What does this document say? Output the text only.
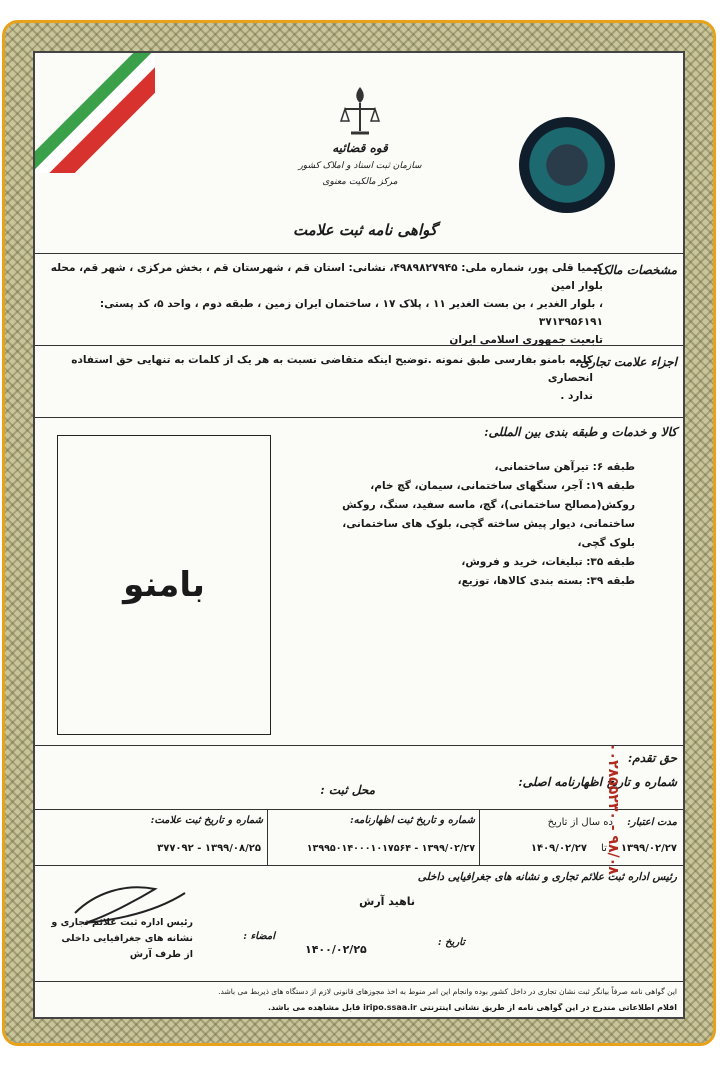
قوه قضائیه
سازمان ثبت اسناد و املاک کشور
مرکز مالکیت معنوی
گواهی نامه ثبت علامت
مشخصات مالک:
کیمیا قلی پور، شماره ملی: ۴۹۸۹۸۲۷۹۴۵، نشانی: استان قم ، شهرستان قم ، بخش مرکزی ، شهر قم، محله بلوار امین
، بلوار الغدیر ، بن بست الغدیر ۱۱ ، پلاک ۱۷ ، ساختمان ایران زمین ، طبقه دوم ، واحد ۵، کد پستی: ۳۷۱۳۹۵۶۱۹۱
تابعیت جمهوری اسلامی ایران
اجزاء علامت تجاری:
کلمه بامنو بفارسی طبق نمونه .توضیح اینکه متقاضی نسبت به هر یک از کلمات به تنهایی حق استفاده انحصاری
ندارد .
کالا و خدمات و طبقه بندی بین المللی:
بامنو
طبقه ۶: تیرآهن ساختمانی،
طبقه ۱۹: آجر، سنگهای ساختمانی، سیمان، گچ خام،
روکش(مصالح ساختمانی)، گچ، ماسه سفید، سنگ، روکش
ساختمانی، دیوار پیش ساخته گچی، بلوک های ساختمانی،
بلوک گچی،
طبقه ۳۵: تبلیغات، خرید و فروش،
طبقه ۳۹: بسته بندی کالاها، توزیع،
حق تقدم:
شماره و تاریخ اظهارنامه اصلی:
محل ثبت :
شماره و تاریخ ثبت علامت:
۱۳۹۹/۰۸/۲۵ - ۳۷۷۰۹۲
شماره و تاریخ ثبت اظهارنامه:
۱۳۹۹/۰۲/۲۷ - ۱۳۹۹۵۰۱۴۰۰۰۱۰۱۷۵۶۴
مدت اعتبار:
ده سال از تاریخ
۱۳۹۹/۰۲/۲۷
تا
۱۴۰۹/۰۲/۲۷
رئیس اداره ثبت علائم تجاری و نشانه های جغرافیایی داخلی
ناهید آرش
رئیس اداره ثبت علائم تجاری و
نشانه های جغرافیایی داخلی
از طرف آرش
امضاء :
۱۴۰۰/۰۲/۲۵
تاریخ :
این گواهی نامه صرفاً بیانگر ثبت نشان تجاری در داخل کشور بوده وانجام این امر منوط به اخذ مجوزهای قانونی لازم از دستگاه های ذیربط می باشد.
اقلام اطلاعاتی مندرج در این گواهی نامه از طریق نشانی اینترنتی iripo.ssaa.ir قابل مشاهده می باشد.
۰۰۲۸۵۵۲۳۰ - ۹۸/۰۸
